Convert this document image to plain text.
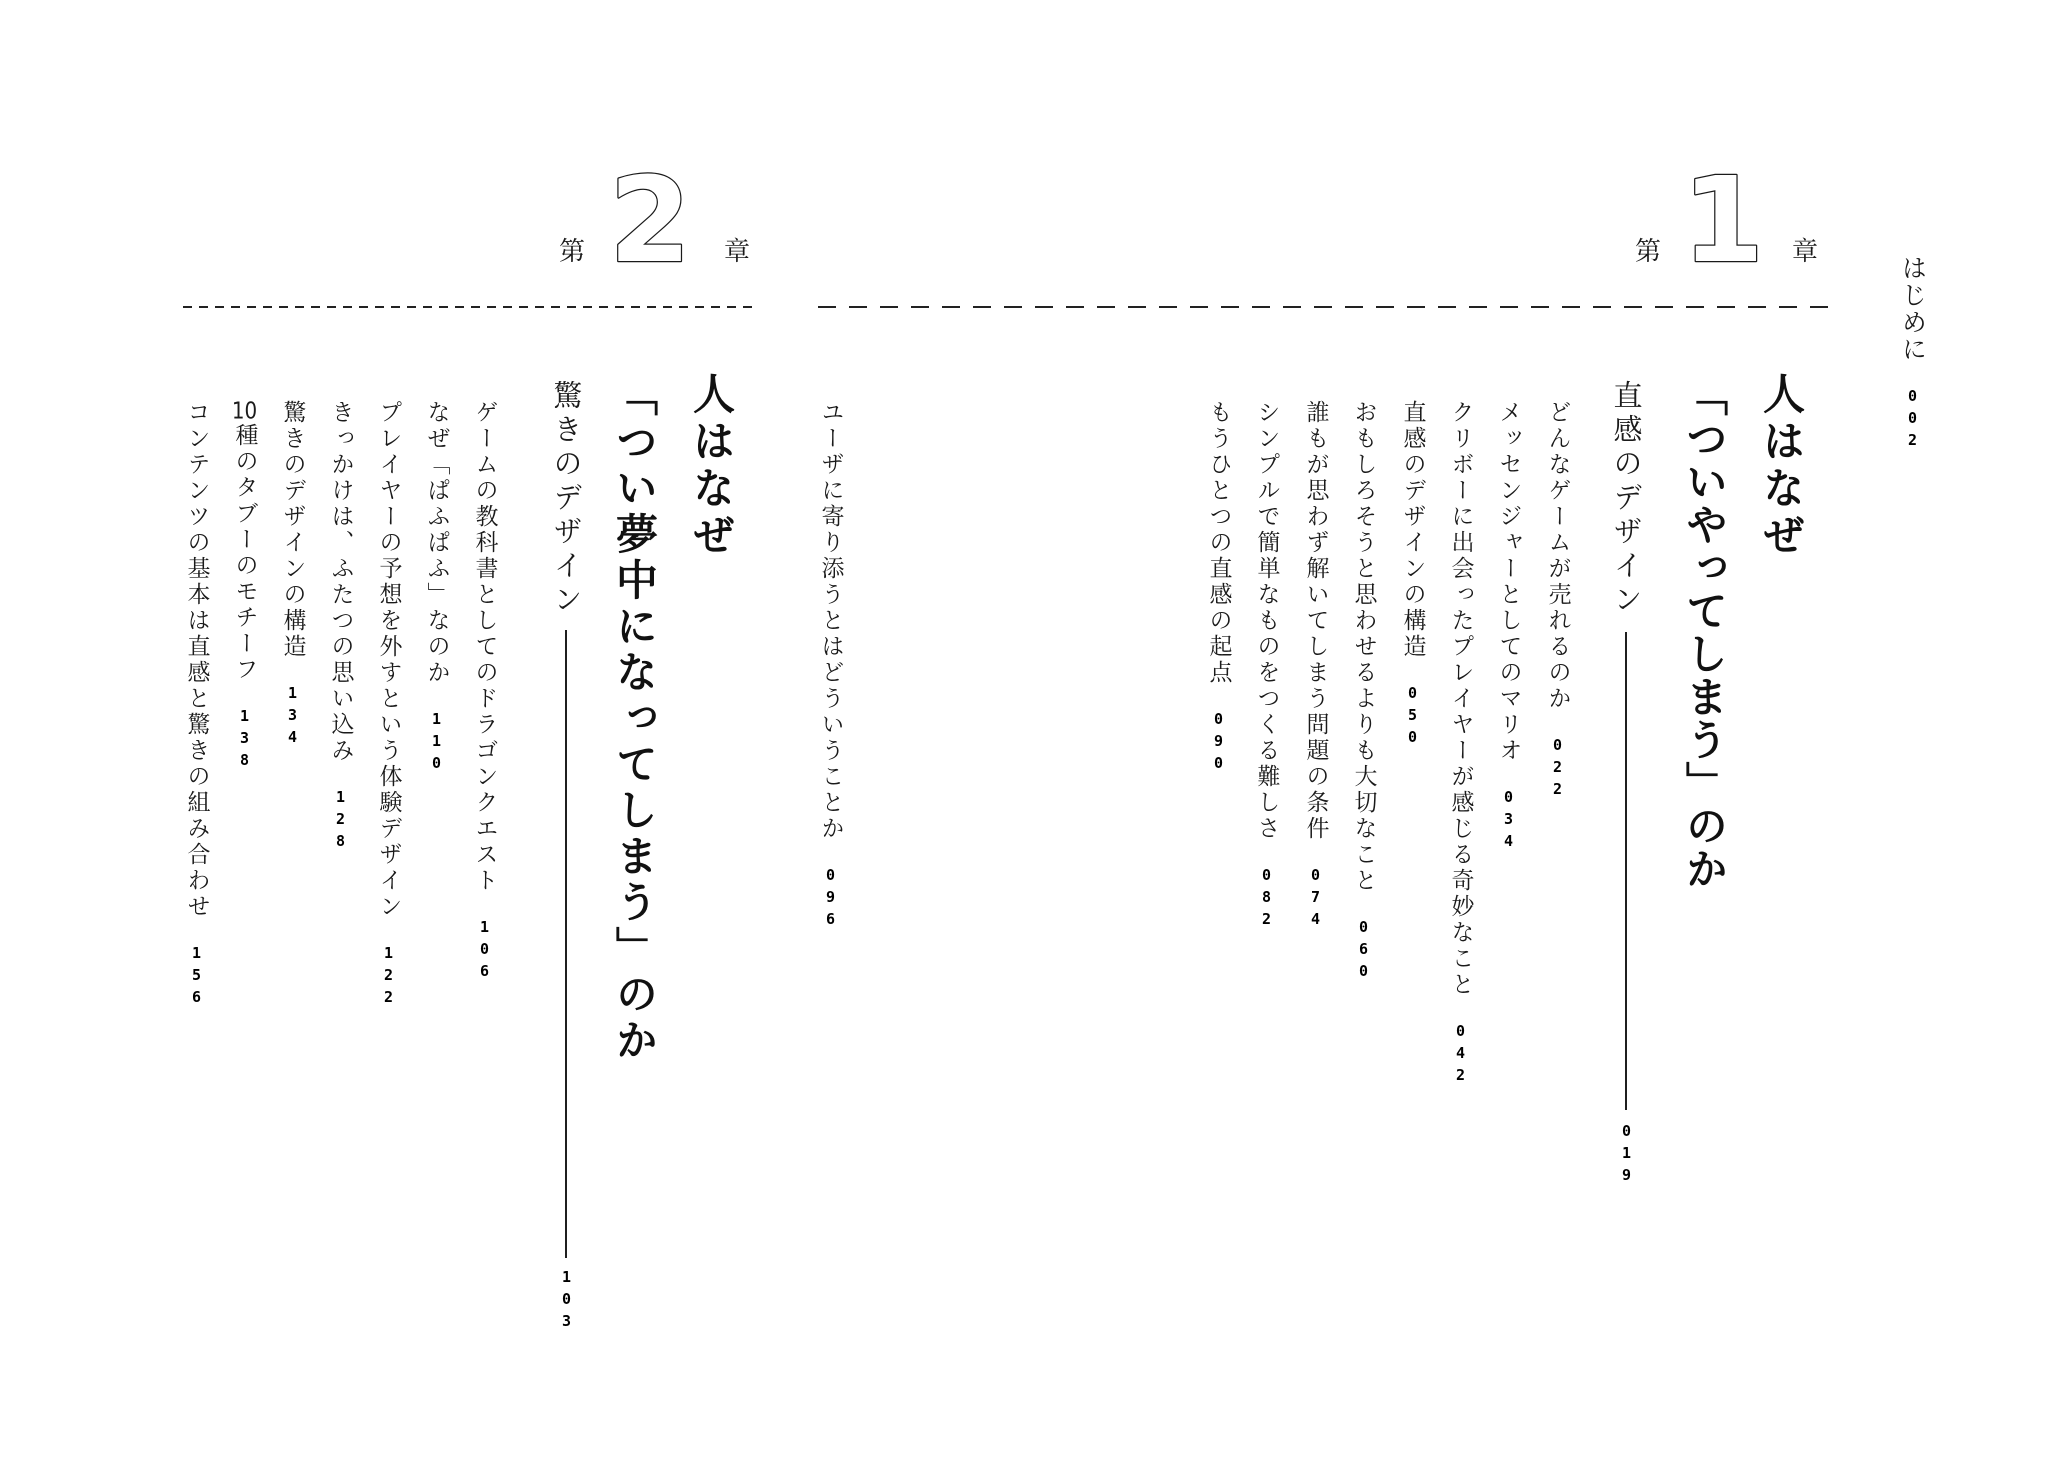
はじめに002
第 1 章
人はなぜ
「ついやってしまう」のか
直感のデザイン
019
どんなゲームが売れるのか022
メッセンジャーとしてのマリオ034
クリボーに出会ったプレイヤーが感じる奇妙なこと042
直感のデザインの構造050
おもしろそうと思わせるよりも大切なこと060
誰もが思わず解いてしまう問題の条件074
シンプルで簡単なものをつくる難しさ082
もうひとつの直感の起点090
ユーザに寄り添うとはどういうことか096
第 2 章
人はなぜ
「つい夢中になってしまう」のか
驚きのデザイン
103
ゲームの教科書としてのドラゴンクエスト106
なぜ「ぱふぱふ」なのか110
プレイヤーの予想を外すという体験デザイン122
きっかけは、ふたつの思い込み128
驚きのデザインの構造134
10種のタブーのモチーフ138
コンテンツの基本は直感と驚きの組み合わせ156
